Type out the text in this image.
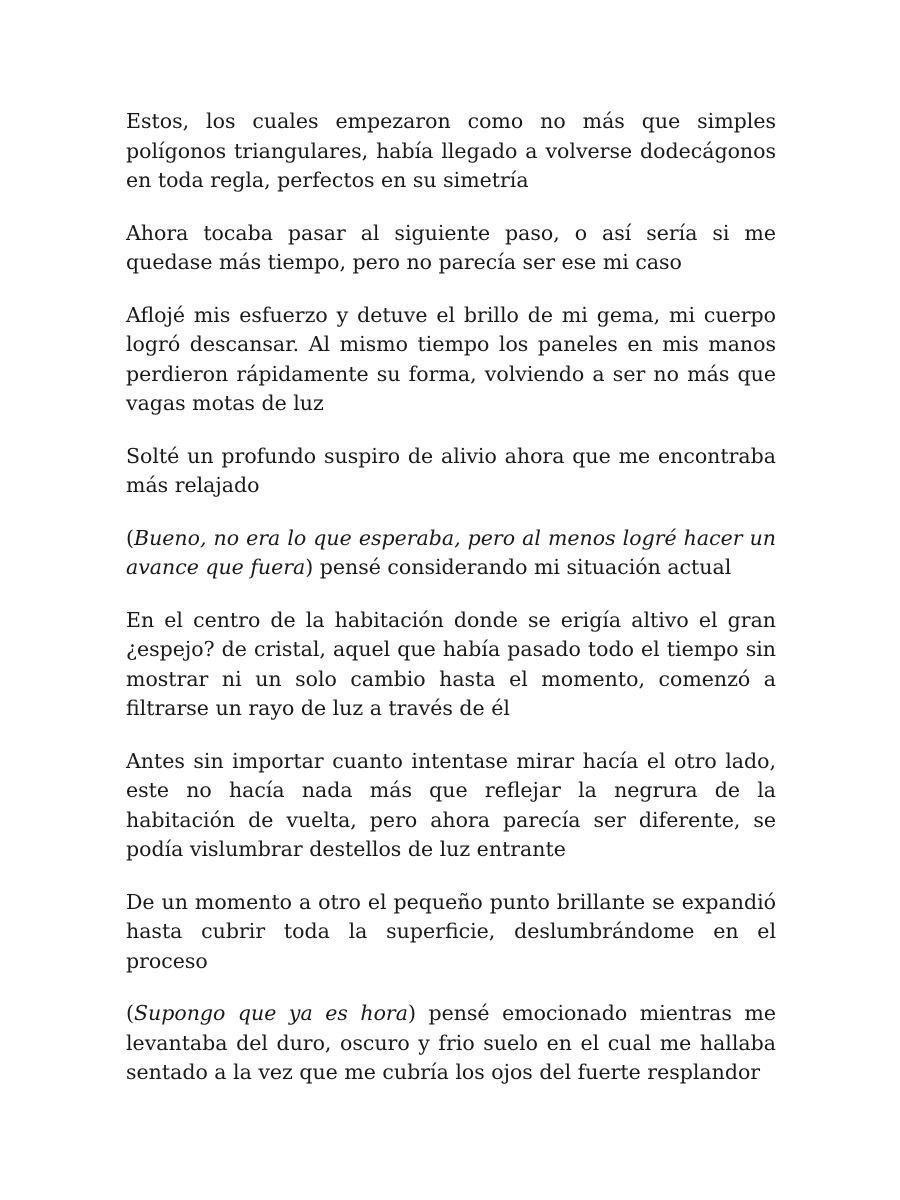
Estos, los cuales empezaron como no más que simples polígonos triangulares, había llegado a volverse dodecágonos en toda regla, perfectos en su simetría

Ahora tocaba pasar al siguiente paso, o así sería si me quedase más tiempo, pero no parecía ser ese mi caso

Aflojé mis esfuerzo y detuve el brillo de mi gema, mi cuerpo logró descansar. Al mismo tiempo los paneles en mis manos perdieron rápidamente su forma, volviendo a ser no más que vagas motas de luz

Solté un profundo suspiro de alivio ahora que me encontraba más relajado

(Bueno, no era lo que esperaba, pero al menos logré hacer un avance que fuera) pensé considerando mi situación actual

En el centro de la habitación donde se erigía altivo el gran ¿espejo? de cristal, aquel que había pasado todo el tiempo sin mostrar ni un solo cambio hasta el momento, comenzó a filtrarse un rayo de luz a través de él

Antes sin importar cuanto intentase mirar hacía el otro lado, este no hacía nada más que reflejar la negrura de la habitación de vuelta, pero ahora parecía ser diferente, se podía vislumbrar destellos de luz entrante

De un momento a otro el pequeño punto brillante se expandió hasta cubrir toda la superficie, deslumbrándome en el proceso

(Supongo que ya es hora) pensé emocionado mientras me levantaba del duro, oscuro y frio suelo en el cual me hallaba sentado a la vez que me cubría los ojos del fuerte resplandor
